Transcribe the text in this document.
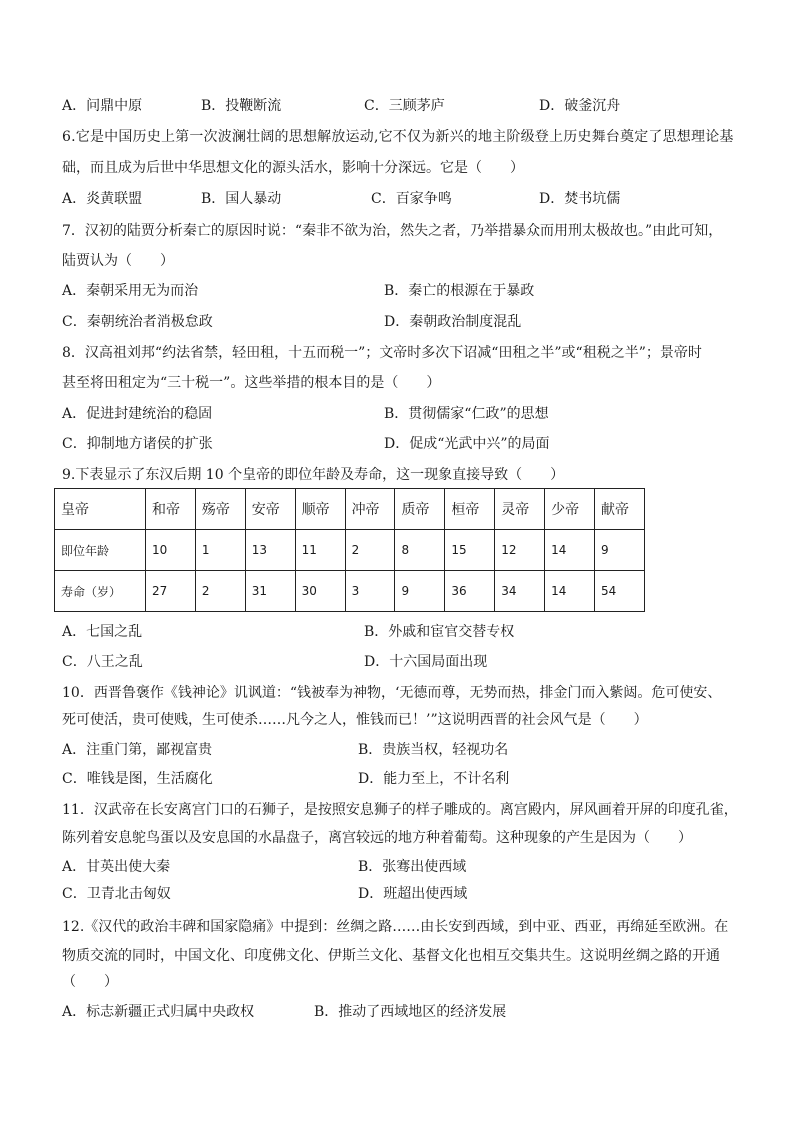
A．问鼎中原	B．投鞭断流	C．三顾茅庐	D．破釜沉舟
6.它是中国历史上第一次波澜壮阔的思想解放运动,它不仅为新兴的地主阶级登上历史舞台奠定了思想理论基
础，而且成为后世中华思想文化的源头活水，影响十分深远。它是（　　）
A．炎黄联盟	B．国人暴动	C．百家争鸣	D．焚书坑儒
7．汉初的陆贾分析秦亡的原因时说：“秦非不欲为治，然失之者，乃举措暴众而用刑太极故也。”由此可知，
陆贾认为（　　）
A．秦朝采用无为而治	B．秦亡的根源在于暴政
C．秦朝统治者消极怠政	D．秦朝政治制度混乱
8．汉高祖刘邦“约法省禁，轻田租，十五而税一”；文帝时多次下诏减“田租之半”或“租税之半”；景帝时
甚至将田租定为“三十税一”。这些举措的根本目的是（　　）
A．促进封建统治的稳固	B．贯彻儒家“仁政”的思想
C．抑制地方诸侯的扩张	D．促成“光武中兴”的局面
9.下表显示了东汉后期 10 个皇帝的即位年龄及寿命，这一现象直接导致（　　）
皇帝	和帝	殇帝	安帝	顺帝	冲帝	质帝	桓帝	灵帝	少帝	献帝
即位年龄	10	1	13	11	2	8	15	12	14	9
寿命（岁）	27	2	31	30	3	9	36	34	14	54
A．七国之乱	B．外戚和宦官交替专权
C．八王之乱	D．十六国局面出现
10．西晋鲁褒作《钱神论》讥讽道：“钱被奉为神物，‘无德而尊，无势而热，排金门而入紫闼。危可使安、
死可使活，贵可使贱，生可使杀……凡今之人，惟钱而已！’”这说明西晋的社会风气是（　　）
A．注重门第，鄙视富贵	B．贵族当权，轻视功名
C．唯钱是图，生活腐化	D．能力至上，不计名利
11．汉武帝在长安离宫门口的石狮子，是按照安息狮子的样子雕成的。离宫殿内，屏风画着开屏的印度孔雀，
陈列着安息鸵鸟蛋以及安息国的水晶盘子，离宫较远的地方种着葡萄。这种现象的产生是因为（　　）
A．甘英出使大秦	B．张骞出使西域
C．卫青北击匈奴	D．班超出使西域
12.《汉代的政治丰碑和国家隐痛》中提到：丝绸之路……由长安到西域，到中亚、西亚，再绵延至欧洲。在
物质交流的同时，中国文化、印度佛文化、伊斯兰文化、基督文化也相互交集共生。这说明丝绸之路的开通
（　　）
A．标志新疆正式归属中央政权	B．推动了西域地区的经济发展
